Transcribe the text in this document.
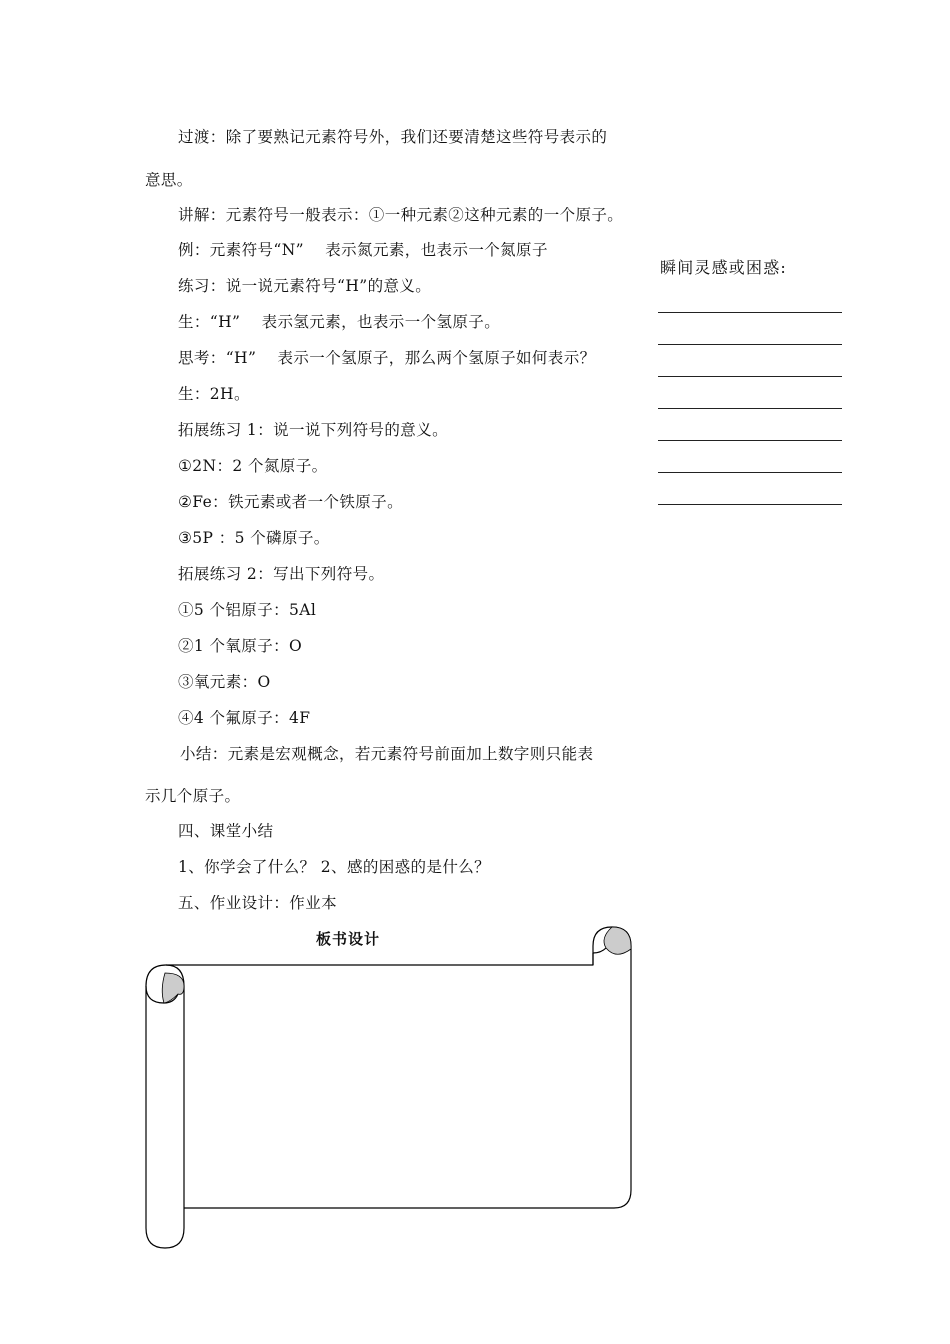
过渡：除了要熟记元素符号外，我们还要清楚这些符号表示的
意思。
讲解：元素符号一般表示：①一种元素②这种元素的一个原子。
例：元素符号“N”　 表示氮元素，也表示一个氮原子
练习：说一说元素符号“H”的意义。
生：“H”　 表示氢元素，也表示一个氢原子。
思考：“H”　 表示一个氢原子，那么两个氢原子如何表示？
生：2H。
拓展练习 1：说一说下列符号的意义。
①2N：2 个氮原子。
②Fe：铁元素或者一个铁原子。
③5P ：5 个磷原子。
拓展练习 2：写出下列符号。
①5 个铝原子：5Al
②1 个氧原子：O
③氧元素：O
④4 个氟原子：4F
小结：元素是宏观概念，若元素符号前面加上数字则只能表
示几个原子。
四、课堂小结
1、你学会了什么？ 2、感的困惑的是什么？
五、作业设计：作业本
瞬间灵感或困惑:
板书设计
